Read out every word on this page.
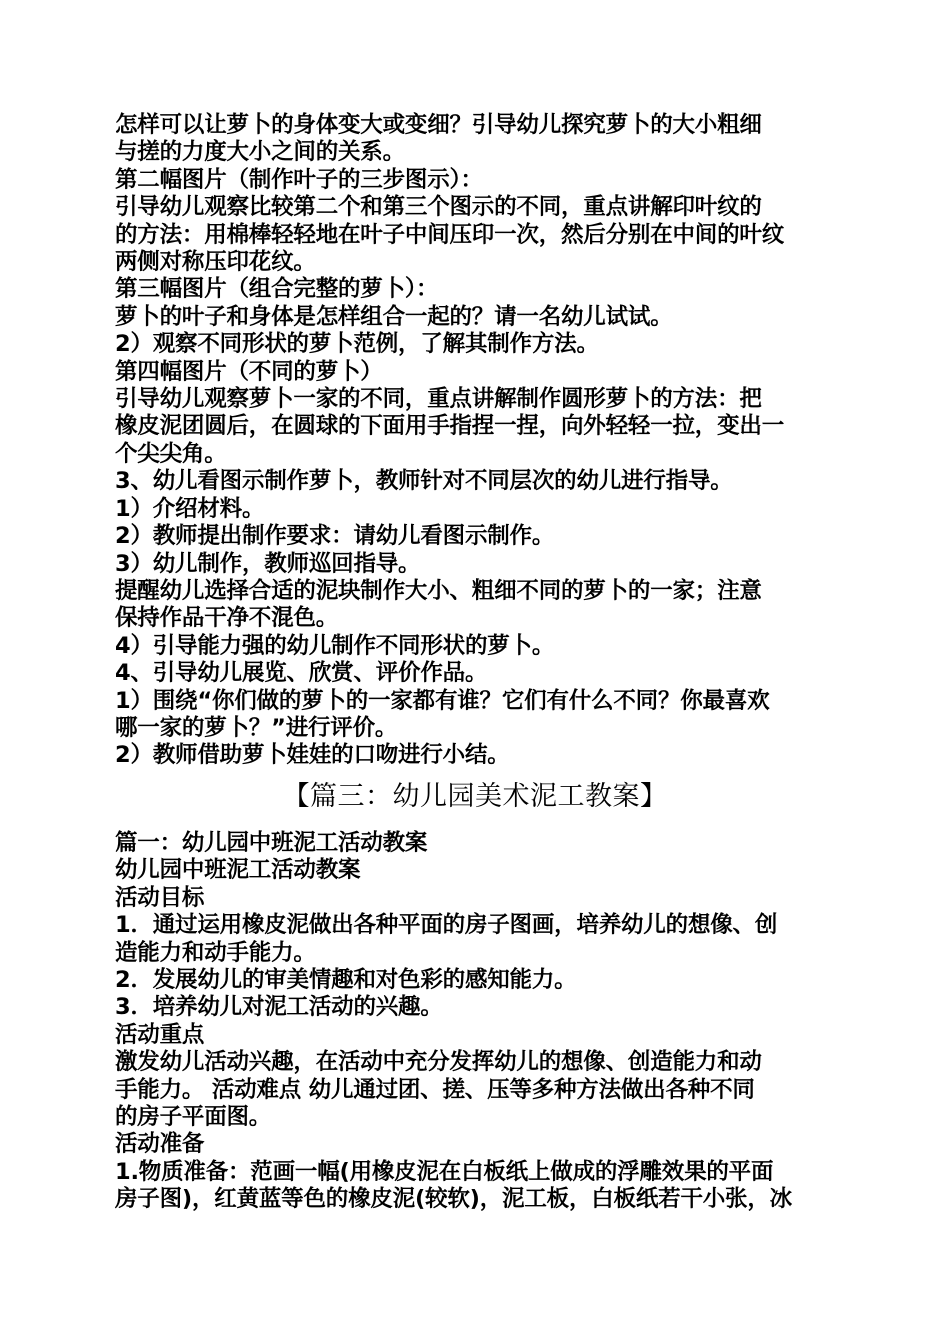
怎样可以让萝卜的身体变大或变细？引导幼儿探究萝卜的大小粗细

与搓的力度大小之间的关系。

第二幅图片（制作叶子的三步图示）：

引导幼儿观察比较第二个和第三个图示的不同，重点讲解印叶纹的

的方法：用棉棒轻轻地在叶子中间压印一次，然后分别在中间的叶纹

两侧对称压印花纹。

第三幅图片（组合完整的萝卜）：

萝卜的叶子和身体是怎样组合一起的？请一名幼儿试试。

2）观察不同形状的萝卜范例，了解其制作方法。

第四幅图片（不同的萝卜）

引导幼儿观察萝卜一家的不同，重点讲解制作圆形萝卜的方法：把

橡皮泥团圆后，在圆球的下面用手指捏一捏，向外轻轻一拉，变出一

个尖尖角。

3、幼儿看图示制作萝卜，教师针对不同层次的幼儿进行指导。

1）介绍材料。

2）教师提出制作要求：请幼儿看图示制作。

3）幼儿制作，教师巡回指导。

提醒幼儿选择合适的泥块制作大小、粗细不同的萝卜的一家；注意

保持作品干净不混色。

4）引导能力强的幼儿制作不同形状的萝卜。

4、引导幼儿展览、欣赏、评价作品。

1）围绕“你们做的萝卜的一家都有谁？它们有什么不同？你最喜欢

哪一家的萝卜？”进行评价。

2）教师借助萝卜娃娃的口吻进行小结。

【篇三：幼儿园美术泥工教案】

篇一：幼儿园中班泥工活动教案

幼儿园中班泥工活动教案

活动目标

1．通过运用橡皮泥做出各种平面的房子图画，培养幼儿的想像、创

造能力和动手能力。

2．发展幼儿的审美情趣和对色彩的感知能力。

3．培养幼儿对泥工活动的兴趣。

活动重点

激发幼儿活动兴趣，在活动中充分发挥幼儿的想像、创造能力和动

手能力。 活动难点 幼儿通过团、搓、压等多种方法做出各种不同

的房子平面图。

活动准备

1.物质准备：范画一幅(用橡皮泥在白板纸上做成的浮雕效果的平面

房子图)，红黄蓝等色的橡皮泥(较软)，泥工板，白板纸若干小张，冰
